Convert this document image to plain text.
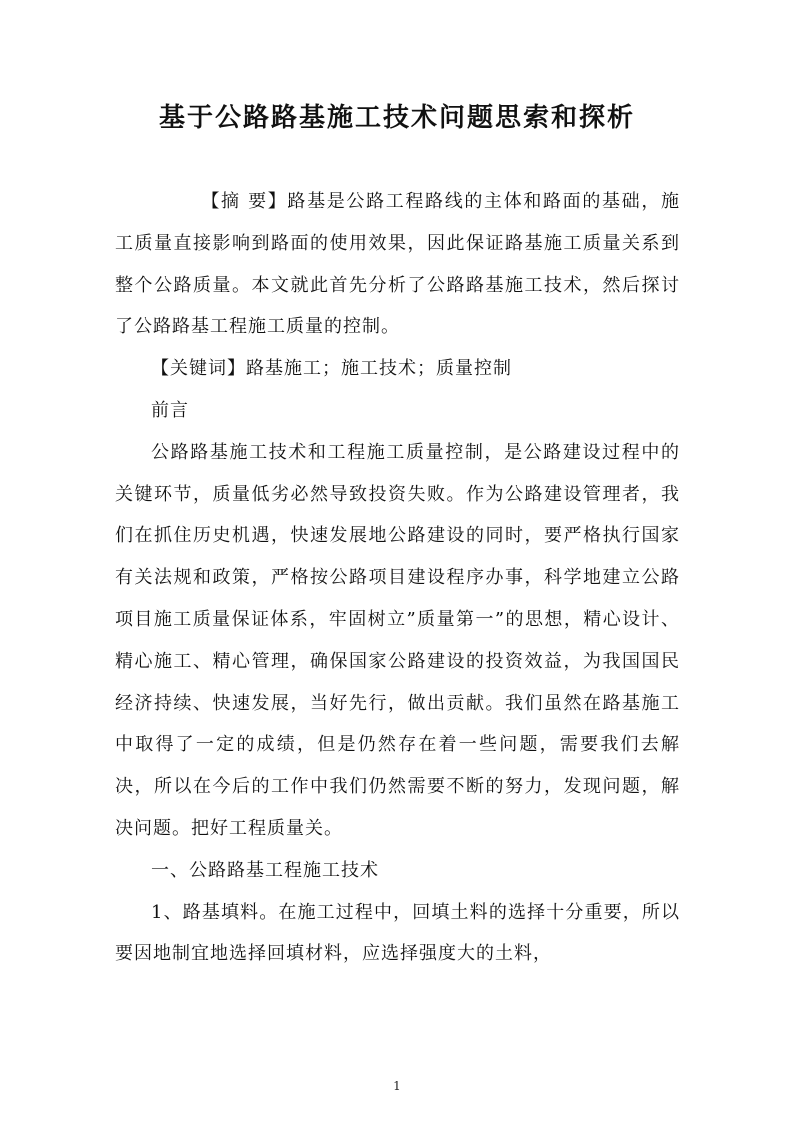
基于公路路基施工技术问题思索和探析

【摘 要】路基是公路工程路线的主体和路面的基础，施工质量直接影响到路面的使用效果，因此保证路基施工质量关系到整个公路质量。本文就此首先分析了公路路基施工技术，然后探讨了公路路基工程施工质量的控制。

【关键词】路基施工；施工技术；质量控制

前言

公路路基施工技术和工程施工质量控制，是公路建设过程中的关键环节，质量低劣必然导致投资失败。作为公路建设管理者，我们在抓住历史机遇，快速发展地公路建设的同时，要严格执行国家有关法规和政策，严格按公路项目建设程序办事，科学地建立公路项目施工质量保证体系，牢固树立”质量第一”的思想，精心设计、精心施工、精心管理，确保国家公路建设的投资效益，为我国国民经济持续、快速发展，当好先行，做出贡献。我们虽然在路基施工中取得了一定的成绩，但是仍然存在着一些问题，需要我们去解决，所以在今后的工作中我们仍然需要不断的努力，发现问题，解决问题。把好工程质量关。

一、公路路基工程施工技术

1、路基填料。在施工过程中，回填土料的选择十分重要，所以要因地制宜地选择回填材料，应选择强度大的土料，

1
